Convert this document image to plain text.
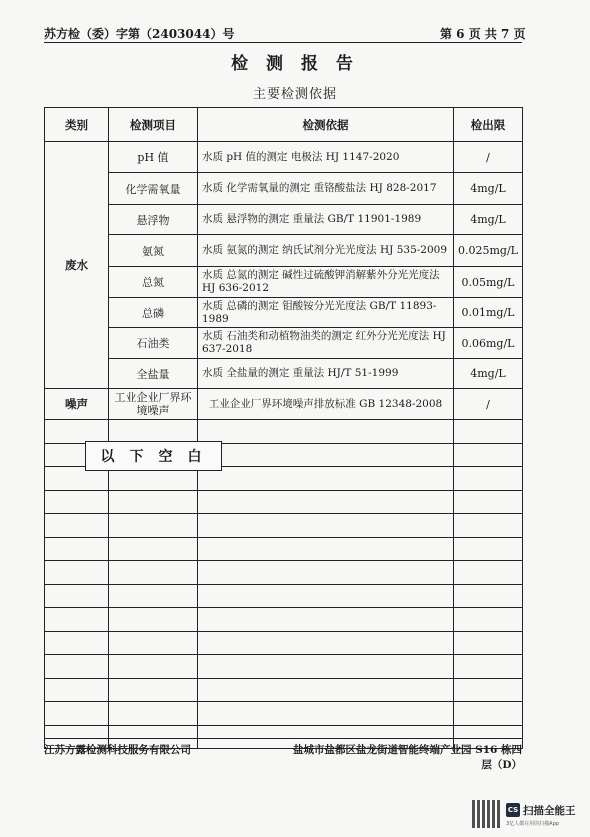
苏方检（委）字第（2403044）号	第 6 页 共 7 页
检 测 报 告
主要检测依据
类别	检测项目	检测依据	检出限
废水	pH 值	水质 pH 值的测定 电极法 HJ 1147-2020	/
	化学需氧量	水质 化学需氧量的测定 重铬酸盐法 HJ 828-2017	4mg/L
	悬浮物	水质 悬浮物的测定 重量法 GB/T 11901-1989	4mg/L
	氨氮	水质 氨氮的测定 纳氏试剂分光光度法 HJ 535-2009	0.025mg/L
	总氮	水质 总氮的测定 碱性过硫酸钾消解紫外分光光度法 HJ 636-2012	0.05mg/L
	总磷	水质 总磷的测定 钼酸铵分光光度法 GB/T 11893-1989	0.01mg/L
	石油类	水质 石油类和动植物油类的测定 红外分光光度法 HJ 637-2018	0.06mg/L
	全盐量	水质 全盐量的测定 重量法 HJ/T 51-1999	4mg/L
噪声	工业企业厂界环境噪声	工业企业厂界环境噪声排放标准 GB 12348-2008	/

以下空白
江苏方露检测科技服务有限公司	盐城市盐都区盐龙街道智能终端产业园 S16 栋四层（D）
CS 扫描全能王
3亿人都在用的扫描App
